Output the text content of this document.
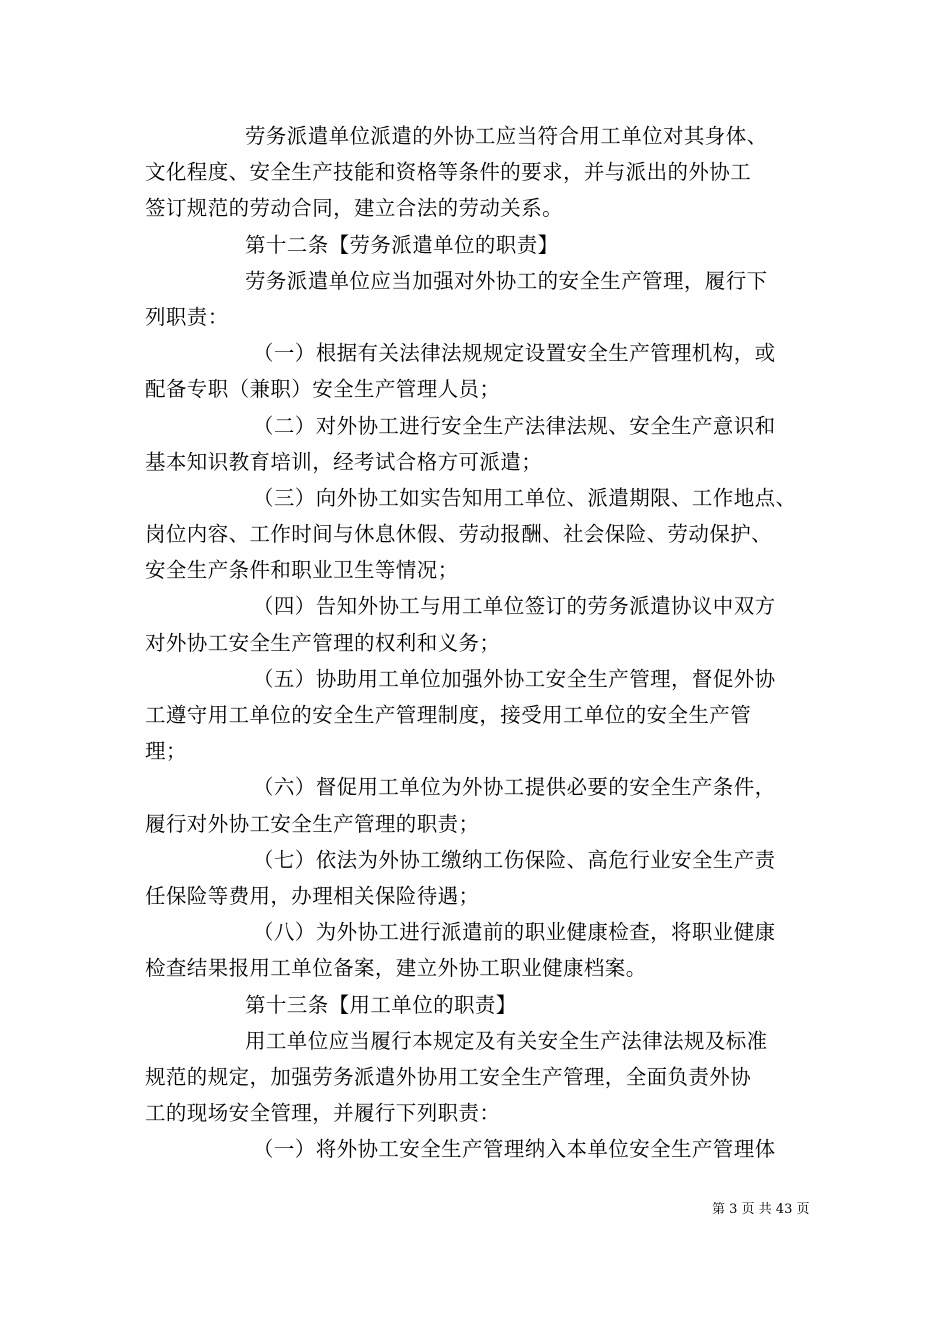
劳务派遣单位派遣的外协工应当符合用工单位对其身体、
文化程度、安全生产技能和资格等条件的要求，并与派出的外协工
签订规范的劳动合同，建立合法的劳动关系。
第十二条【劳务派遣单位的职责】
劳务派遣单位应当加强对外协工的安全生产管理，履行下
列职责：
（一）根据有关法律法规规定设置安全生产管理机构，或
配备专职（兼职）安全生产管理人员；
（二）对外协工进行安全生产法律法规、安全生产意识和
基本知识教育培训，经考试合格方可派遣；
（三）向外协工如实告知用工单位、派遣期限、工作地点、
岗位内容、工作时间与休息休假、劳动报酬、社会保险、劳动保护、
安全生产条件和职业卫生等情况；
（四）告知外协工与用工单位签订的劳务派遣协议中双方
对外协工安全生产管理的权利和义务；
（五）协助用工单位加强外协工安全生产管理，督促外协
工遵守用工单位的安全生产管理制度，接受用工单位的安全生产管
理；
（六）督促用工单位为外协工提供必要的安全生产条件，
履行对外协工安全生产管理的职责；
（七）依法为外协工缴纳工伤保险、高危行业安全生产责
任保险等费用，办理相关保险待遇；
（八）为外协工进行派遣前的职业健康检查，将职业健康
检查结果报用工单位备案，建立外协工职业健康档案。
第十三条【用工单位的职责】
用工单位应当履行本规定及有关安全生产法律法规及标准
规范的规定，加强劳务派遣外协用工安全生产管理，全面负责外协
工的现场安全管理，并履行下列职责：
（一）将外协工安全生产管理纳入本单位安全生产管理体
第 3 页 共 43 页
